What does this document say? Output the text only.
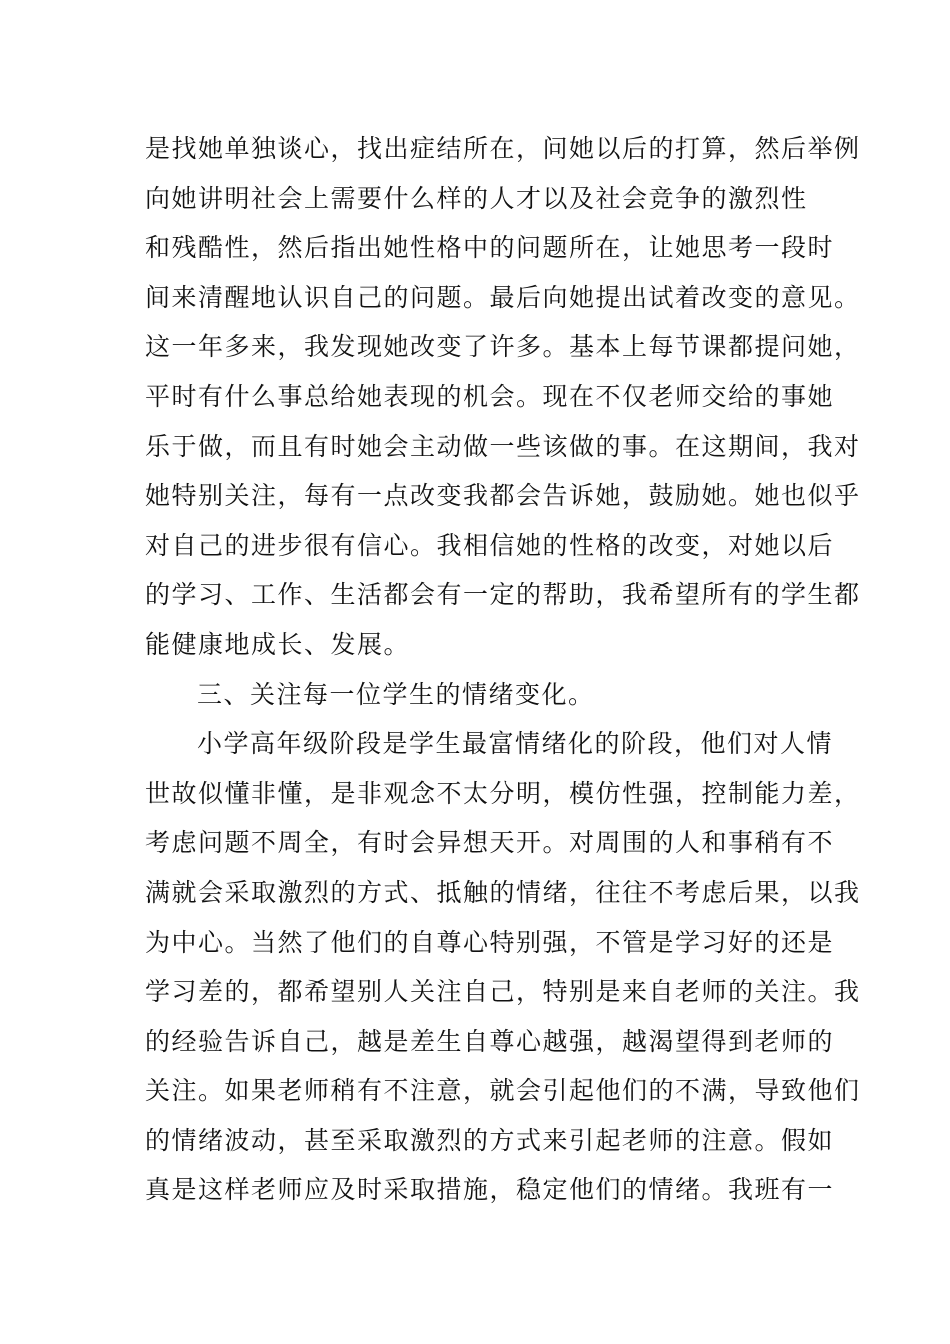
是找她单独谈心，找出症结所在，问她以后的打算，然后举例
向她讲明社会上需要什么样的人才以及社会竞争的激烈性
和残酷性，然后指出她性格中的问题所在，让她思考一段时
间来清醒地认识自己的问题。最后向她提出试着改变的意见。
这一年多来，我发现她改变了许多。基本上每节课都提问她，
平时有什么事总给她表现的机会。现在不仅老师交给的事她
乐于做，而且有时她会主动做一些该做的事。在这期间，我对
她特别关注，每有一点改变我都会告诉她，鼓励她。她也似乎
对自己的进步很有信心。我相信她的性格的改变，对她以后
的学习、工作、生活都会有一定的帮助，我希望所有的学生都
能健康地成长、发展。
三、关注每一位学生的情绪变化。
小学高年级阶段是学生最富情绪化的阶段，他们对人情
世故似懂非懂，是非观念不太分明，模仿性强，控制能力差，
考虑问题不周全，有时会异想天开。对周围的人和事稍有不
满就会采取激烈的方式、抵触的情绪，往往不考虑后果，以我
为中心。当然了他们的自尊心特别强，不管是学习好的还是
学习差的，都希望别人关注自己，特别是来自老师的关注。我
的经验告诉自己，越是差生自尊心越强，越渴望得到老师的
关注。如果老师稍有不注意，就会引起他们的不满，导致他们
的情绪波动，甚至采取激烈的方式来引起老师的注意。假如
真是这样老师应及时采取措施，稳定他们的情绪。我班有一
